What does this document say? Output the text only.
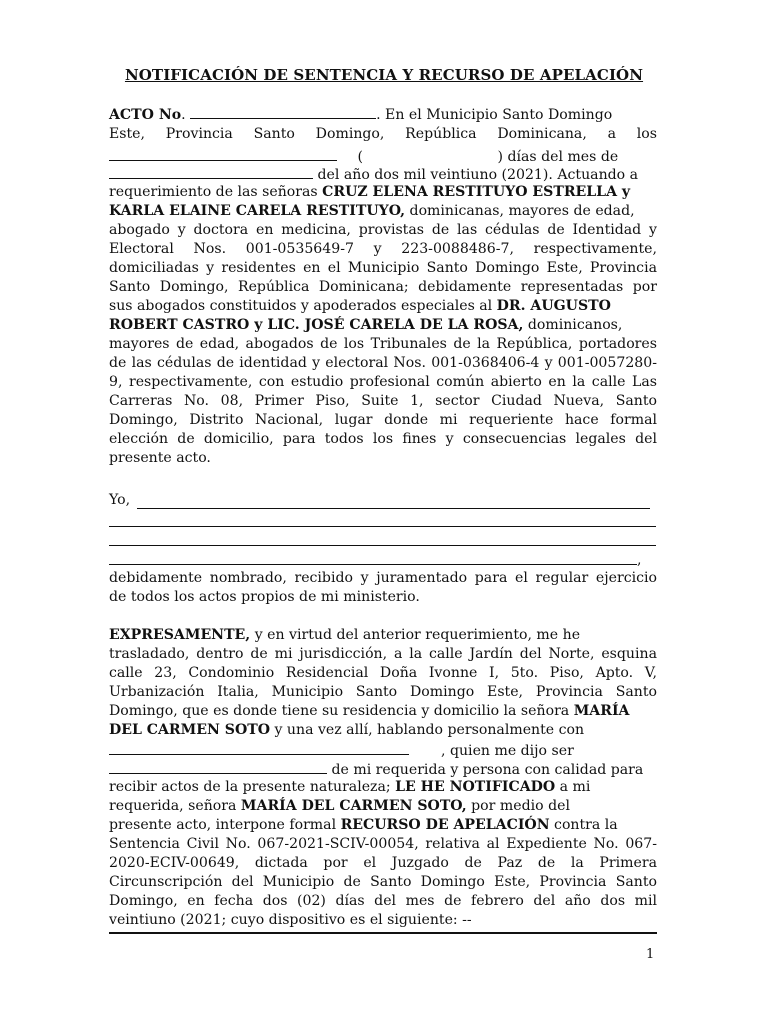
NOTIFICACIÓN DE SENTENCIA Y RECURSO DE APELACIÓN
ACTO No.	. En el Municipio Santo Domingo
Este, Provincia Santo Domingo, República Dominicana, a los
(	) días del mes de
del año dos mil veintiuno (2021). Actuando a
requerimiento de las señoras CRUZ ELENA RESTITUYO ESTRELLA y
KARLA ELAINE CARELA RESTITUYO, dominicanas, mayores de edad,
abogado y doctora en medicina, provistas de las cédulas de Identidad y
Electoral Nos. 001-0535649-7 y 223-0088486-7, respectivamente,
domiciliadas y residentes en el Municipio Santo Domingo Este, Provincia
Santo Domingo, República Dominicana; debidamente representadas por
sus abogados constituidos y apoderados especiales al DR. AUGUSTO
ROBERT CASTRO y LIC. JOSÉ CARELA DE LA ROSA, dominicanos,
mayores de edad, abogados de los Tribunales de la República, portadores
de las cédulas de identidad y electoral Nos. 001-0368406-4 y 001-0057280-
9, respectivamente, con estudio profesional común abierto en la calle Las
Carreras No. 08, Primer Piso, Suite 1, sector Ciudad Nueva, Santo
Domingo, Distrito Nacional, lugar donde mi requeriente hace formal
elección de domicilio, para todos los fines y consecuencias legales del
presente acto.
Yo,
,
debidamente nombrado, recibido y juramentado para el regular ejercicio
de todos los actos propios de mi ministerio.
EXPRESAMENTE, y en virtud del anterior requerimiento, me he
trasladado, dentro de mi jurisdicción, a la calle Jardín del Norte, esquina
calle 23, Condominio Residencial Doña Ivonne I, 5to. Piso, Apto. V,
Urbanización Italia, Municipio Santo Domingo Este, Provincia Santo
Domingo, que es donde tiene su residencia y domicilio la señora MARÍA
DEL CARMEN SOTO y una vez allí, hablando personalmente con
, quien me dijo ser
de mi requerida y persona con calidad para
recibir actos de la presente naturaleza; LE HE NOTIFICADO a mi
requerida, señora MARÍA DEL CARMEN SOTO, por medio del
presente acto, interpone formal RECURSO DE APELACIÓN contra la
Sentencia Civil No. 067-2021-SCIV-00054, relativa al Expediente No. 067-
2020-ECIV-00649, dictada por el Juzgado de Paz de la Primera
Circunscripción del Municipio de Santo Domingo Este, Provincia Santo
Domingo, en fecha dos (02) días del mes de febrero del año dos mil
veintiuno (2021; cuyo dispositivo es el siguiente: --
1
